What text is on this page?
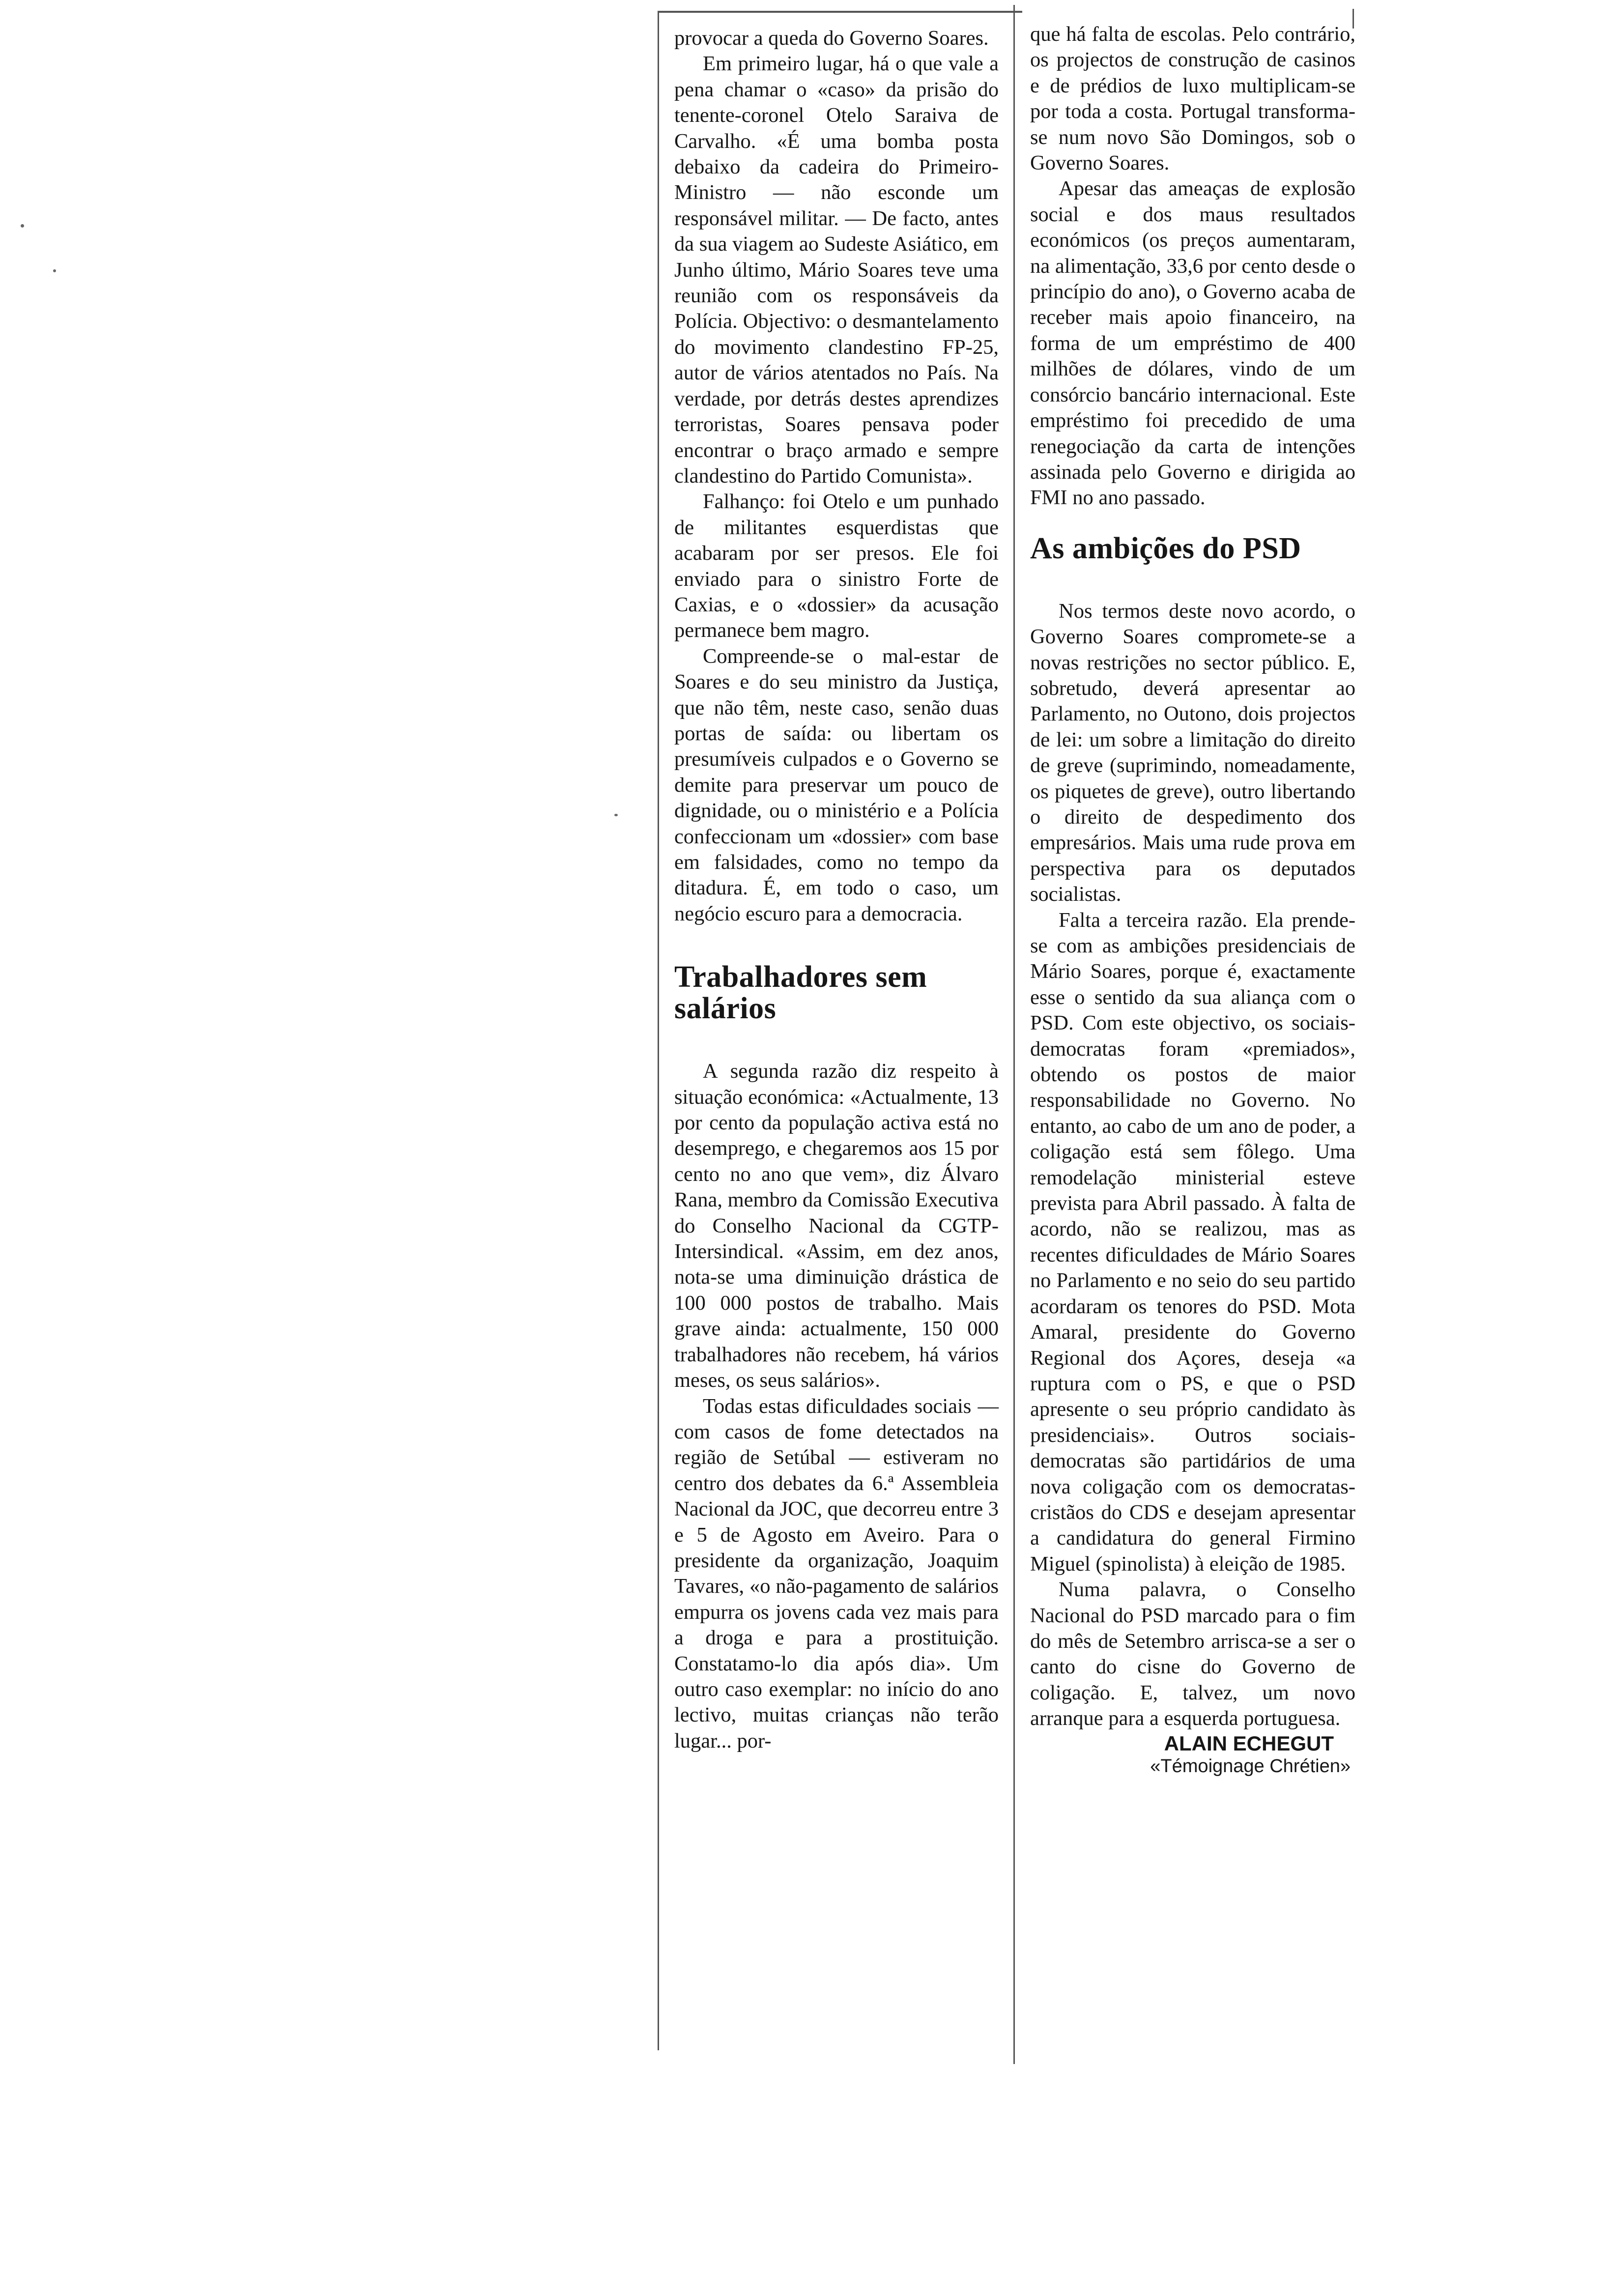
provocar a queda do Governo Soares.

Em primeiro lugar, há o que vale a pena chamar o «caso» da prisão do tenente-coronel Otelo Saraiva de Carvalho. «É uma bomba posta debaixo da cadeira do Primeiro-Ministro — não esconde um responsável militar. — De facto, antes da sua viagem ao Sudeste Asiático, em Junho último, Mário Soares teve uma reunião com os responsáveis da Polícia. Objectivo: o desmantelamento do movimento clandestino FP-25, autor de vários atentados no País. Na verdade, por detrás destes aprendizes terroristas, Soares pensava poder encontrar o braço armado e sempre clandestino do Partido Comunista».

Falhanço: foi Otelo e um punhado de militantes esquerdistas que acabaram por ser presos. Ele foi enviado para o sinistro Forte de Caxias, e o «dossier» da acusação permanece bem magro.

Compreende-se o mal-estar de Soares e do seu ministro da Justiça, que não têm, neste caso, senão duas portas de saída: ou libertam os presumíveis culpados e o Governo se demite para preservar um pouco de dignidade, ou o ministério e a Polícia confeccionam um «dossier» com base em falsidades, como no tempo da ditadura. É, em todo o caso, um negócio escuro para a democracia.

Trabalhadores sem salários

A segunda razão diz respeito à situação económica: «Actualmente, 13 por cento da população activa está no desemprego, e chegaremos aos 15 por cento no ano que vem», diz Álvaro Rana, membro da Comissão Executiva do Conselho Nacional da CGTP-Intersindical. «Assim, em dez anos, nota-se uma diminuição drástica de 100 000 postos de trabalho. Mais grave ainda: actualmente, 150 000 trabalhadores não recebem, há vários meses, os seus salários».

Todas estas dificuldades sociais — com casos de fome detectados na região de Setúbal — estiveram no centro dos debates da 6.ª Assembleia Nacional da JOC, que decorreu entre 3 e 5 de Agosto em Aveiro. Para o presidente da organização, Joaquim Tavares, «o não-pagamento de salários empurra os jovens cada vez mais para a droga e para a prostituição. Constatamo-lo dia após dia». Um outro caso exemplar: no início do ano lectivo, muitas crianças não terão lugar... por-

que há falta de escolas. Pelo contrário, os projectos de construção de casinos e de prédios de luxo multiplicam-se por toda a costa. Portugal transforma-se num novo São Domingos, sob o Governo Soares.

Apesar das ameaças de explosão social e dos maus resultados económicos (os preços aumentaram, na alimentação, 33,6 por cento desde o princípio do ano), o Governo acaba de receber mais apoio financeiro, na forma de um empréstimo de 400 milhões de dólares, vindo de um consórcio bancário internacional. Este empréstimo foi precedido de uma renegociação da carta de intenções assinada pelo Governo e dirigida ao FMI no ano passado.

As ambições do PSD

Nos termos deste novo acordo, o Governo Soares compromete-se a novas restrições no sector público. E, sobretudo, deverá apresentar ao Parlamento, no Outono, dois projectos de lei: um sobre a limitação do direito de greve (suprimindo, nomeadamente, os piquetes de greve), outro libertando o direito de despedimento dos empresários. Mais uma rude prova em perspectiva para os deputados socialistas.

Falta a terceira razão. Ela prende-se com as ambições presidenciais de Mário Soares, porque é, exactamente esse o sentido da sua aliança com o PSD. Com este objectivo, os sociais-democratas foram «premiados», obtendo os postos de maior responsabilidade no Governo. No entanto, ao cabo de um ano de poder, a coligação está sem fôlego. Uma remodelação ministerial esteve prevista para Abril passado. À falta de acordo, não se realizou, mas as recentes dificuldades de Mário Soares no Parlamento e no seio do seu partido acordaram os tenores do PSD. Mota Amaral, presidente do Governo Regional dos Açores, deseja «a ruptura com o PS, e que o PSD apresente o seu próprio candidato às presidenciais». Outros sociais-democratas são partidários de uma nova coligação com os democratas-cristãos do CDS e desejam apresentar a candidatura do general Firmino Miguel (spinolista) à eleição de 1985.

Numa palavra, o Conselho Nacional do PSD marcado para o fim do mês de Setembro arrisca-se a ser o canto do cisne do Governo de coligação. E, talvez, um novo arranque para a esquerda portuguesa.

ALAIN ECHEGUT
«Témoignage Chrétien»
